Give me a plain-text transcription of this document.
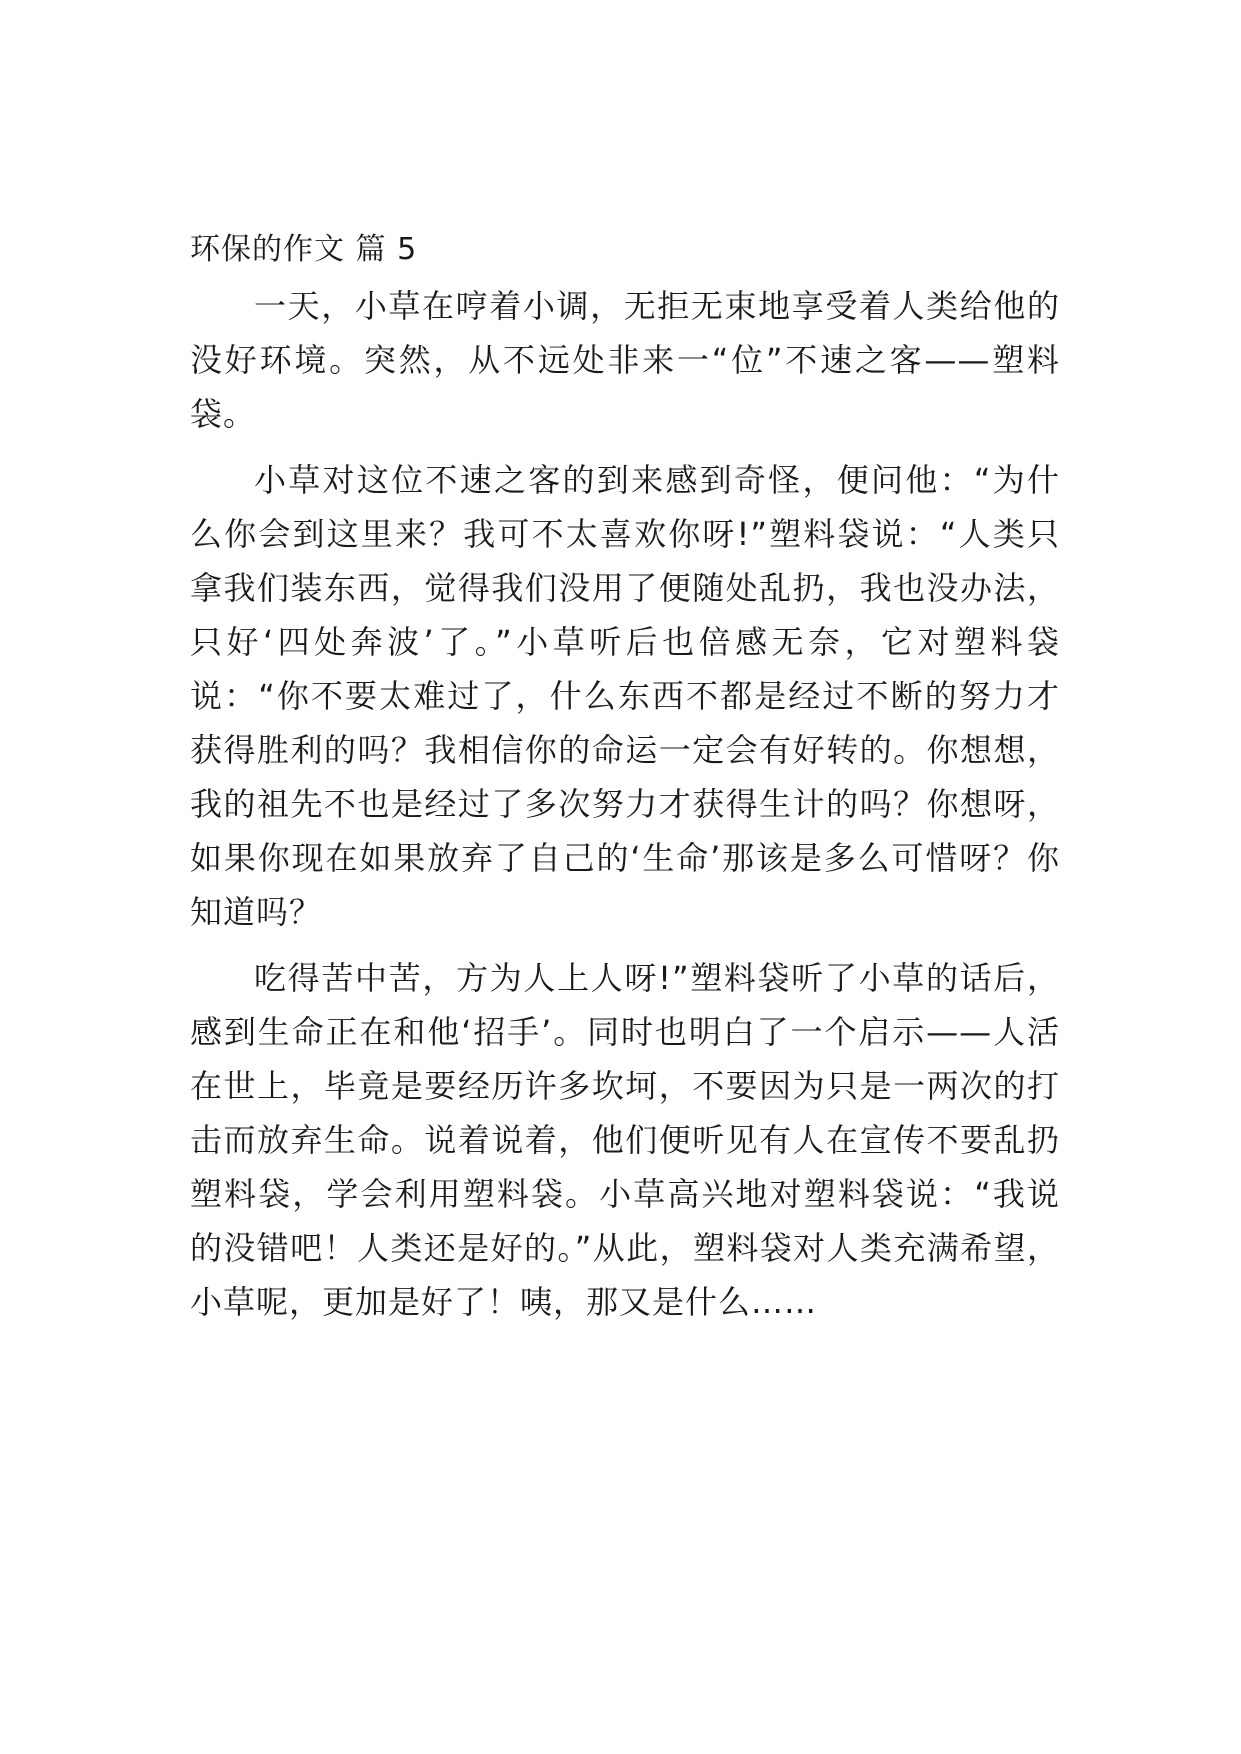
环保的作文 篇 5

一天，小草在哼着小调，无拒无束地享受着人类给他的没好环境。突然，从不远处非来一“位”不速之客——塑料袋。

小草对这位不速之客的到来感到奇怪，便问他：“为什么你会到这里来？我可不太喜欢你呀!”塑料袋说：“人类只拿我们装东西，觉得我们没用了便随处乱扔，我也没办法，只好‘四处奔波’了。”小草听后也倍感无奈，它对塑料袋说：“你不要太难过了，什么东西不都是经过不断的努力才获得胜利的吗？我相信你的命运一定会有好转的。你想想，我的祖先不也是经过了多次努力才获得生计的吗？你想呀，如果你现在如果放弃了自己的‘生命’那该是多么可惜呀？你知道吗？

吃得苦中苦，方为人上人呀!”塑料袋听了小草的话后，感到生命正在和他‘招手’。同时也明白了一个启示——人活在世上，毕竟是要经历许多坎坷，不要因为只是一两次的打击而放弃生命。说着说着，他们便听见有人在宣传不要乱扔塑料袋，学会利用塑料袋。小草高兴地对塑料袋说：“我说的没错吧！人类还是好的。”从此，塑料袋对人类充满希望，小草呢，更加是好了！咦，那又是什么……
